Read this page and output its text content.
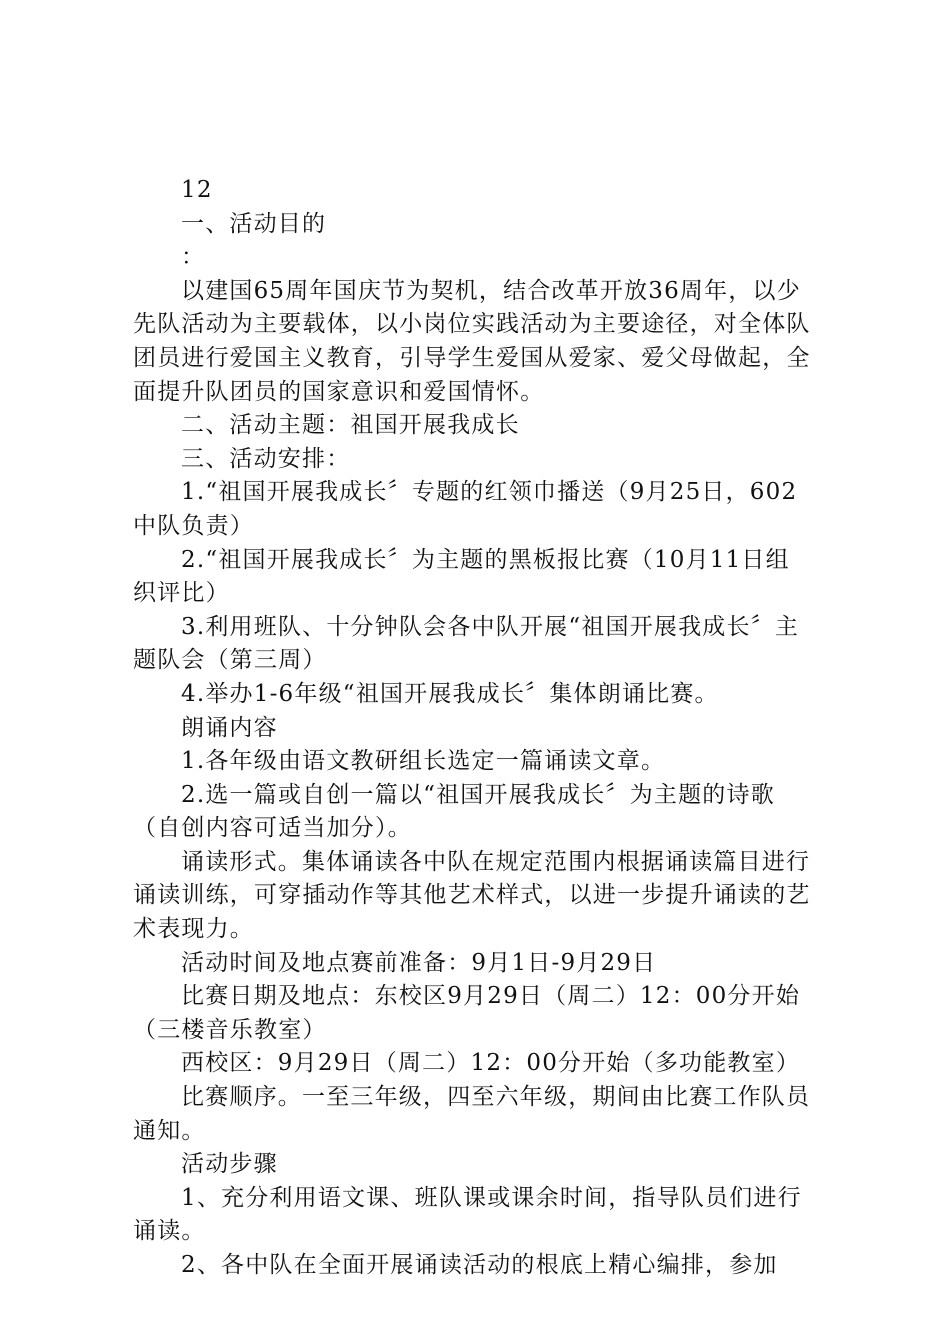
12

一、活动目的

：

以建国65周年国庆节为契机，结合改革开放36周年，以少先队活动为主要载体，以小岗位实践活动为主要途径，对全体队团员进行爱国主义教育，引导学生爱国从爱家、爱父母做起，全面提升队团员的国家意识和爱国情怀。

二、活动主题：祖国开展我成长

三、活动安排：

1.“祖国开展我成长〞专题的红领巾播送（9月25日，602中队负责）

2.“祖国开展我成长〞为主题的黑板报比赛（10月11日组织评比）

3.利用班队、十分钟队会各中队开展“祖国开展我成长〞主题队会（第三周）

4.举办1-6年级“祖国开展我成长〞集体朗诵比赛。

朗诵内容

1.各年级由语文教研组长选定一篇诵读文章。

2.选一篇或自创一篇以“祖国开展我成长〞为主题的诗歌（自创内容可适当加分）。

诵读形式。集体诵读各中队在规定范围内根据诵读篇目进行诵读训练，可穿插动作等其他艺术样式，以进一步提升诵读的艺术表现力。

活动时间及地点赛前准备：9月1日-9月29日

比赛日期及地点：东校区9月29日（周二）12：00分开始（三楼音乐教室）

西校区：9月29日（周二）12：00分开始（多功能教室）

比赛顺序。一至三年级，四至六年级，期间由比赛工作队员通知。

活动步骤

1、充分利用语文课、班队课或课余时间，指导队员们进行诵读。

2、各中队在全面开展诵读活动的根底上精心编排，参加
